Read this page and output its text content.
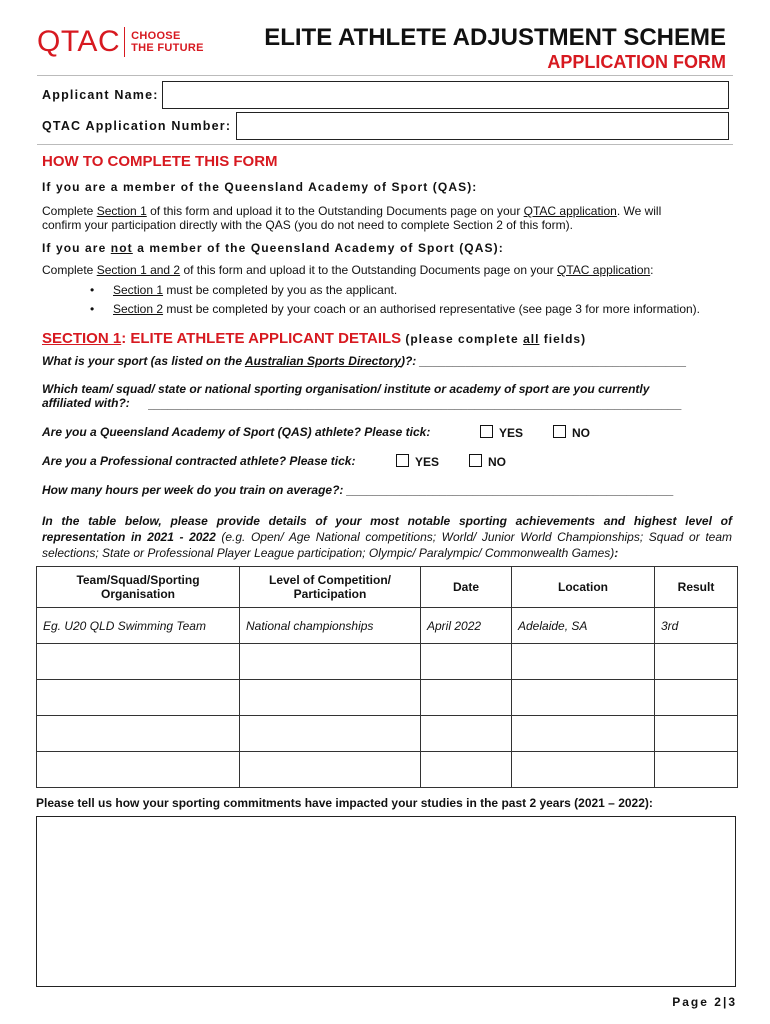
QTAC CHOOSE
THE FUTURE	ELITE ATHLETE ADJUSTMENT SCHEME
APPLICATION FORM
Applicant Name:
QTAC Application Number:
HOW TO COMPLETE THIS FORM
If you are a member of the Queensland Academy of Sport (QAS):
Complete Section 1 of this form and upload it to the Outstanding Documents page on your QTAC application. We will
confirm your participation directly with the QAS (you do not need to complete Section 2 of this form).
If you are not a member of the Queensland Academy of Sport (QAS):
Complete Section 1 and 2 of this form and upload it to the Outstanding Documents page on your QTAC application:
• Section 1 must be completed by you as the applicant.
• Section 2 must be completed by your coach or an authorised representative (see page 3 for more information).
SECTION 1: ELITE ATHLETE APPLICANT DETAILS (please complete all fields)
What is your sport (as listed on the Australian Sports Directory)?: ________________________________________
Which team/ squad/ state or national sporting organisation/ institute or academy of sport are you currently
affiliated with?:	________________________________________________________________________________
Are you a Queensland Academy of Sport (QAS) athlete? Please tick:	YES	NO
Are you a Professional contracted athlete? Please tick:	YES	NO
How many hours per week do you train on average?: _________________________________________________
In the table below, please provide details of your most notable sporting achievements and highest level of representation in 2021 - 2022 (e.g. Open/ Age National competitions; World/ Junior World Championships; Squad or team selections; State or Professional Player League participation; Olympic/ Paralympic/ Commonwealth Games):
Team/Squad/Sporting Organisation	Level of Competition/ Participation	Date	Location	Result
Eg. U20 QLD Swimming Team	National championships	April 2022	Adelaide, SA	3rd

Please tell us how your sporting commitments have impacted your studies in the past 2 years (2021 – 2022):
Page 2|3
